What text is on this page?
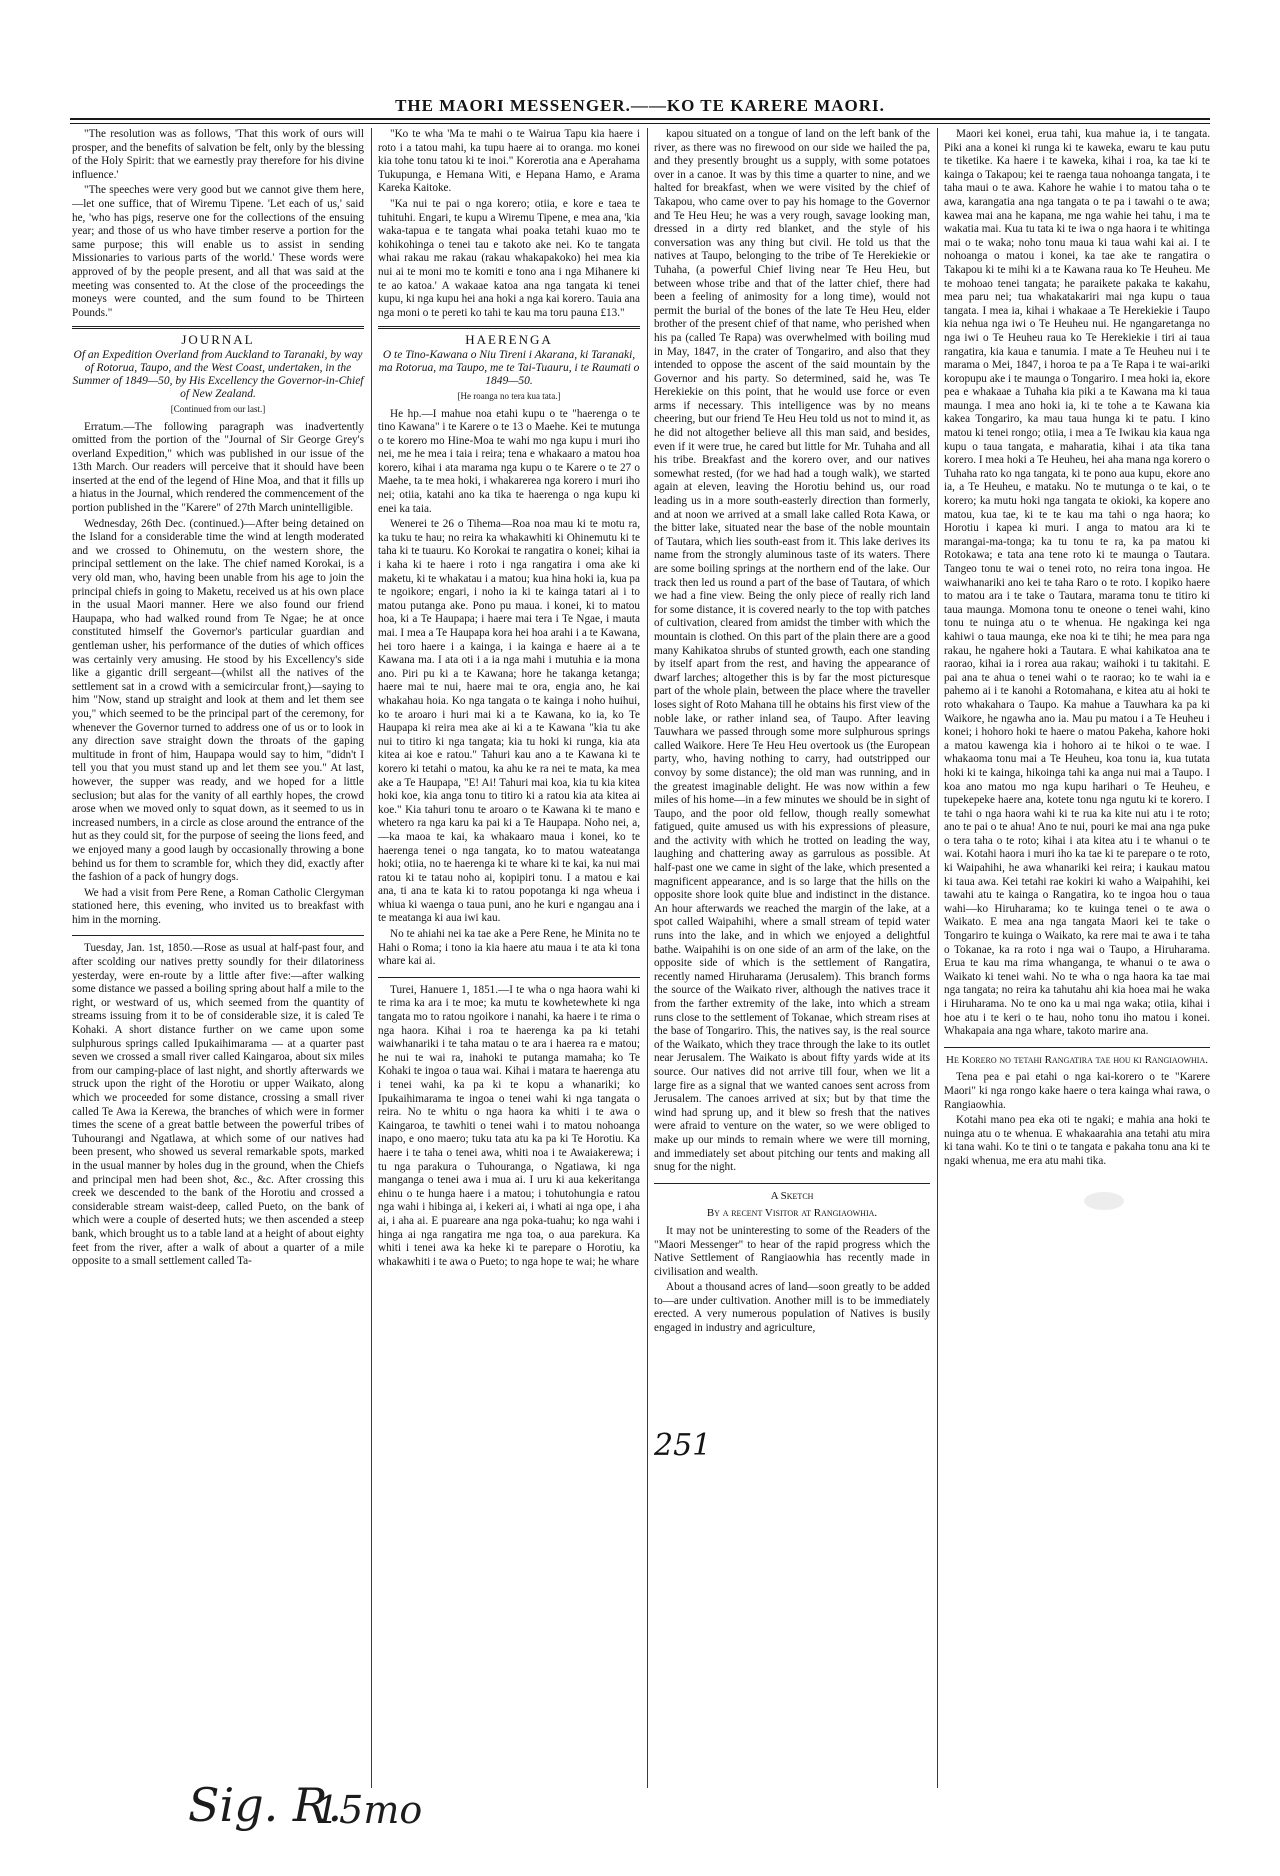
THE MAORI MESSENGER.——KO TE KARERE MAORI.

"The resolution was as follows, 'That this work of ours will prosper, and the benefits of salvation be felt, only by the blessing of the Holy Spirit: that we earnestly pray therefore for his divine influence.'

"The speeches were very good but we cannot give them here,—let one suffice, that of Wiremu Tipene. 'Let each of us,' said he, 'who has pigs, reserve one for the collections of the ensuing year; and those of us who have timber reserve a portion for the same purpose; this will enable us to assist in sending Missionaries to various parts of the world.' These words were approved of by the people present, and all that was said at the meeting was consented to. At the close of the proceedings the moneys were counted, and the sum found to be Thirteen Pounds."

JOURNAL
Of an Expedition Overland from Auckland to Taranaki, by way of Rotorua, Taupo, and the West Coast, undertaken, in the Summer of 1849—50, by His Excellency the Governor-in-Chief of New Zealand.
[Continued from our last.]

Erratum.—The following paragraph was inadvertently omitted from the portion of the "Journal of Sir George Grey's overland Expedition," which was published in our issue of the 13th March. Our readers will perceive that it should have been inserted at the end of the legend of Hine Moa, and that it fills up a hiatus in the Journal, which rendered the commencement of the portion published in the "Karere" of 27th March unintelligible.

Wednesday, 26th Dec. (continued.)—After being detained on the Island for a considerable time the wind at length moderated and we crossed to Ohinemutu, on the western shore, the principal settlement on the lake. The chief named Korokai, is a very old man, who, having been unable from his age to join the principal chiefs in going to Maketu, received us at his own place in the usual Maori manner. Here we also found our friend Haupapa, who had walked round from Te Ngae; he at once constituted himself the Governor's particular guardian and gentleman usher, his performance of the duties of which offices was certainly very amusing. He stood by his Excellency's side like a gigantic drill sergeant—(whilst all the natives of the settlement sat in a crowd with a semicircular front,)—saying to him "Now, stand up straight and look at them and let them see you," which seemed to be the principal part of the ceremony, for whenever the Governor turned to address one of us or to look in any direction save straight down the throats of the gaping multitude in front of him, Haupapa would say to him, "didn't I tell you that you must stand up and let them see you." At last, however, the supper was ready, and we hoped for a little seclusion; but alas for the vanity of all earthly hopes, the crowd arose when we moved only to squat down, as it seemed to us in increased numbers, in a circle as close around the entrance of the hut as they could sit, for the purpose of seeing the lions feed, and we enjoyed many a good laugh by occasionally throwing a bone behind us for them to scramble for, which they did, exactly after the fashion of a pack of hungry dogs.

We had a visit from Pere Rene, a Roman Catholic Clergyman stationed here, this evening, who invited us to breakfast with him in the morning.

Tuesday, Jan. 1st, 1850.—Rose as usual at half-past four, and after scolding our natives pretty soundly for their dilatoriness yesterday, were en-route by a little after five:—after walking some distance we passed a boiling spring about half a mile to the right, or westward of us, which seemed from the quantity of streams issuing from it to be of considerable size, it is caled Te Kohaki. A short distance further on we came upon some sulphurous springs called Ipukaihimarama — at a quarter past seven we crossed a small river called Kaingaroa, about six miles from our camping-place of last night, and shortly afterwards we struck upon the right of the Horotiu or upper Waikato, along which we proceeded for some distance, crossing a small river called Te Awa ia Kerewa, the branches of which were in former times the scene of a great battle between the powerful tribes of Tuhourangi and Ngatlawa, at which some of our natives had been present, who showed us several remarkable spots, marked in the usual manner by holes dug in the ground, when the Chiefs and principal men had been shot, &c., &c. After crossing this creek we descended to the bank of the Horotiu and crossed a considerable stream waist-deep, called Pueto, on the bank of which were a couple of deserted huts; we then ascended a steep bank, which brought us to a table land at a height of about eighty feet from the river, after a walk of about a quarter of a mile opposite to a small settlement called Ta-

"Ko te wha 'Ma te mahi o te Wairua Tapu kia haere i roto i a tatou mahi, ka tupu haere ai to oranga. mo konei kia tohe tonu tatou ki te inoi." Korerotia ana e Aperahama Tukupunga, e Hemana Witi, e Hepana Hamo, e Arama Kareka Kaitoke.

"Ka nui te pai o nga korero; otiia, e kore e taea te tuhituhi. Engari, te kupu a Wiremu Tipene, e mea ana, 'kia waka-tapua e te tangata whai poaka tetahi kuao mo te kohikohinga o tenei tau e takoto ake nei. Ko te tangata whai rakau me rakau (rakau whakapakoko) hei mea kia nui ai te moni mo te komiti e tono ana i nga Mihanere ki te ao katoa.' A wakaae katoa ana nga tangata ki tenei kupu, ki nga kupu hei ana hoki a nga kai korero. Tauia ana nga moni o te pereti ko tahi te kau ma toru pauna £13."

HAERENGA
O te Tino-Kawana o Niu Tireni i Akarana, ki Taranaki, ma Rotorua, ma Taupo, me te Tai-Tuauru, i te Raumati o 1849—50.
[He roanga no tera kua tata.]

He hp.—I mahue noa etahi kupu o te "haerenga o te tino Kawana" i te Karere o te 13 o Maehe. Kei te mutunga o te korero mo Hine-Moa te wahi mo nga kupu i muri iho nei, me he mea i taia i reira; tena e whakaaro a matou hoa korero, kihai i ata marama nga kupu o te Karere o te 27 o Maehe, ta te mea hoki, i whakarerea nga korero i muri iho nei; otiia, katahi ano ka tika te haerenga o nga kupu ki enei ka taia.

Wenerei te 26 o Tihema—Roa noa mau ki te motu ra, ka tuku te hau; no reira ka whakawhiti ki Ohinemutu ki te taha ki te tuauru. Ko Korokai te rangatira o konei; kihai ia i kaha ki te haere i roto i nga rangatira i oma ake ki maketu, ki te whakatau i a matou; kua hina hoki ia, kua pa te ngoikore; engari, i noho ia ki te kainga tatari ai i to matou putanga ake. Pono pu maua. i konei, ki to matou hoa, ki a Te Haupapa; i haere mai tera i Te Ngae, i mauta mai. I mea a Te Haupapa kora hei hoa arahi i a te Kawana, hei toro haere i a kainga, i ia kainga e haere ai a te Kawana ma. I ata oti i a ia nga mahi i mutuhia e ia mona ano. Piri pu ki a te Kawana; hore he takanga ketanga; haere mai te nui, haere mai te ora, engia ano, he kai whakahau hoia. Ko nga tangata o te kainga i noho huihui, ko te aroaro i huri mai ki a te Kawana, ko ia, ko Te Haupapa ki reira mea ake ai ki a te Kawana "kia tu ake nui to titiro ki nga tangata; kia tu hoki ki runga, kia ata kitea ai koe e ratou." Tahuri kau ano a te Kawana ki te korero ki tetahi o matou, ka ahu ke ra nei te mata, ka mea ake a Te Haupapa, "E! Ai! Tahuri mai koa, kia tu kia kitea hoki koe, kia anga tonu to titiro ki a ratou kia ata kitea ai koe." Kia tahuri tonu te aroaro o te Kawana ki te mano e whetero ra nga karu ka pai ki a Te Haupapa. Noho nei, a,—ka maoa te kai, ka whakaaro maua i konei, ko te haerenga tenei o nga tangata, ko to matou wateatanga hoki; otiia, no te haerenga ki te whare ki te kai, ka nui mai ratou ki te tatau noho ai, kopipiri tonu. I a matou e kai ana, ti ana te kata ki to ratou popotanga ki nga wheua i whiua ki waenga o taua puni, ano he kuri e ngangau ana i te meatanga ki aua iwi kau.

No te ahiahi nei ka tae ake a Pere Rene, he Minita no te Hahi o Roma; i tono ia kia haere atu maua i te ata ki tona whare kai ai.

Turei, Hanuere 1, 1851.—I te wha o nga haora wahi ki te rima ka ara i te moe; ka mutu te kowhetewhete ki nga tangata mo to ratou ngoikore i nanahi, ka haere i te rima o nga haora. Kihai i roa te haerenga ka pa ki tetahi waiwhanariki i te taha matau o te ara i haerea ra e matou; he nui te wai ra, inahoki te putanga mamaha; ko Te Kohaki te ingoa o taua wai. Kihai i matara te haerenga atu i tenei wahi, ka pa ki te kopu a whanariki; ko Ipukaihimarama te ingoa o tenei wahi ki nga tangata o reira. No te whitu o nga haora ka whiti i te awa o Kaingaroa, te tawhiti o tenei wahi i to matou nohoanga inapo, e ono maero; tuku tata atu ka pa ki Te Horotiu. Ka haere i te taha o tenei awa, whiti noa i te Awaiakerewa; i tu nga parakura o Tuhourangа, o Ngatiawa, ki nga manganga o tenei awa i mua ai. I uru ki aua kekeritanga ehinu o te hunga haere i a matou; i tohutohungia e ratou nga wahi i hibinga ai, i kekeri ai, i whati ai nga ope, i aha ai, i aha ai. E puareare ana nga poka-tuahu; ko nga wahi i hinga ai nga rangatira me nga toa, o aua parekura. Ka whiti i tenei awa ka heke ki te parepare o Horotiu, ka whakawhiti i te awa o Pueto; to nga hope te wai; he whare

kapou situated on a tongue of land on the left bank of the river, as there was no firewood on our side we hailed the pa, and they presently brought us a supply, with some potatoes over in a canoe. It was by this time a quarter to nine, and we halted for breakfast, when we were visited by the chief of Takapou, who came over to pay his homage to the Governor and Te Heu Heu; he was a very rough, savage looking man, dressed in a dirty red blanket, and the style of his conversation was any thing but civil. He told us that the natives at Taupo, belonging to the tribe of Te Herekiekie or Tuhaha, (a powerful Chief living near Te Heu Heu, but between whose tribe and that of the latter chief, there had been a feeling of animosity for a long time), would not permit the burial of the bones of the late Te Heu Heu, elder brother of the present chief of that name, who perished when his pa (called Te Rapa) was overwhelmed with boiling mud in May, 1847, in the crater of Tongariro, and also that they intended to oppose the ascent of the said mountain by the Governor and his party. So determined, said he, was Te Herekiekie on this point, that he would use force or even arms if necessary. This intelligence was by no means cheering, but our friend Te Heu Heu told us not to mind it, as he did not altogether believe all this man said, and besides, even if it were true, he cared but little for Mr. Tuhaha and all his tribe. Breakfast and the korero over, and our natives somewhat rested, (for we had had a tough walk), we started again at eleven, leaving the Horotiu behind us, our road leading us in a more south-easterly direction than formerly, and at noon we arrived at a small lake called Rota Kawa, or the bitter lake, situated near the base of the noble mountain of Tautara, which lies south-east from it. This lake derives its name from the strongly aluminous taste of its waters. There are some boiling springs at the northern end of the lake. Our track then led us round a part of the base of Tautara, of which we had a fine view. Being the only piece of really rich land for some distance, it is covered nearly to the top with patches of cultivation, cleared from amidst the timber with which the mountain is clothed. On this part of the plain there are a good many Kahikatoa shrubs of stunted growth, each one standing by itself apart from the rest, and having the appearance of dwarf larches; altogether this is by far the most picturesque part of the whole plain, between the place where the traveller loses sight of Roto Mahana till he obtains his first view of the noble lake, or rather inland sea, of Taupo. After leaving Tauwhara we passed through some more sulphurous springs called Waikore. Here Te Heu Heu overtook us (the European party, who, having nothing to carry, had outstripped our convoy by some distance); the old man was running, and in the greatest imaginable delight. He was now within a few miles of his home—in a few minutes we should be in sight of Taupo, and the poor old fellow, though really somewhat fatigued, quite amused us with his expressions of pleasure, and the activity with which he trotted on leading the way, laughing and chattering away as garrulous as possible. At half-past one we came in sight of the lake, which presented a magnificent appearance, and is so large that the hills on the opposite shore look quite blue and indistinct in the distance. An hour afterwards we reached the margin of the lake, at a spot called Waipahihi, where a small stream of tepid water runs into the lake, and in which we enjoyed a delightful bathe. Waipahihi is on one side of an arm of the lake, on the opposite side of which is the settlement of Rangatira, recently named Hiruharama (Jerusalem). This branch forms the source of the Waikato river, although the natives trace it from the farther extremity of the lake, into which a stream runs close to the settlement of Tokanae, which stream rises at the base of Tongariro. This, the natives say, is the real source of the Waikato, which they trace through the lake to its outlet near Jerusalem. The Waikato is about fifty yards wide at its source. Our natives did not arrive till four, when we lit a large fire as a signal that we wanted canoes sent across from Jerusalem. The canoes arrived at six; but by that time the wind had sprung up, and it blew so fresh that the natives were afraid to venture on the water, so we were obliged to make up our minds to remain where we were till morning, and immediately set about pitching our tents and making all snug for the night.

A Sketch
By a recent Visitor at Rangiaowhia.

It may not be uninteresting to some of the Readers of the "Maori Messenger" to hear of the rapid progress which the Native Settlement of Rangiaowhia has recently made in civilisation and wealth.

About a thousand acres of land—soon greatly to be added to—are under cultivation. Another mill is to be immediately erected. A very numerous population of Natives is busily engaged in industry and agriculture,

Maori kei konei, erua tahi, kua mahue ia, i te tangata. Piki ana a konei ki runga ki te kaweka, ewaru te kau putu te tiketike. Ka haere i te kaweka, kihai i roa, ka tae ki te kainga o Takapou; kei te raenga taua nohoanga tangata, i te taha maui o te awa. Kahore he wahie i to matou taha o te awa, karangatia ana nga tangata o te pa i tawahi o te awa; kawea mai ana he kapana, me nga wahie hei tahu, i ma te wakatia mai. Kua tu tata ki te iwa o nga haora i te whitinga mai o te waka; noho tonu maua ki taua wahi kai ai. I te nohoanga o matou i konei, ka tae ake te rangatira o Takapou ki te mihi ki a te Kawana raua ko Te Heuheu. Me te mohoao tenei tangata; he paraikete pakaka te kakahu, mea paru nei; tua whakatakariri mai nga kupu o taua tangata. I mea ia, kihai i whakaae a Te Herekiekie i Taupo kia nehua nga iwi o Te Heuheu nui. He ngangaretanga no nga iwi o Te Heuheu raua ko Te Herekiekie i tiri ai taua rangatira, kia kaua e tanumia. I mate a Te Heuheu nui i te marama o Mei, 1847, i horoa te pa a Te Rapa i te wai-ariki koropupu ake i te maunga o Tongariro. I mea hoki ia, ekore pea e whakaae a Tuhaha kia piki a te Kawana ma ki taua maunga. I mea ano hoki ia, ki te tohe a te Kawana kia kakea Tongariro, ka mau taua hunga ki te patu. I kino matou ki tenei rongo; otiia, i mea a Te Iwikau kia kaua nga kupu o taua tangata, e maharatia, kihai i ata tika tana korero. I mea hoki a Te Heuheu, hei aha mana nga korero o Tuhaha rato ko nga tangata, ki te pono aua kupu, ekore ano ia, a Te Heuheu, e mataku. No te mutunga o te kai, o te korero; ka mutu hoki nga tangata te okioki, ka kopere ano matou, kua tae, ki te te kau ma tahi o nga haora; ko Horotiu i kapea ki muri. I anga to matou ara ki te marangai-ma-tonga; ka tu tonu te ra, ka pa matou ki Rotokawa; e tata ana tene roto ki te maunga o Tautara. Tangeo tonu te wai o tenei roto, no reira tona ingoa. He waiwhanariki ano kei te taha Raro o te roto. I kopiko haere to matou ara i te take o Tautara, marama tonu te titiro ki taua maunga. Momona tonu te oneone o tenei wahi, kino tonu te nuinga atu o te whenua. He ngakinga kei nga kahiwi o taua maunga, eke noa ki te tihi; he mea para nga rakau, he ngahere hoki a Tautara. E whai kahikatoa ana te raorao, kihai ia i rorea aua rakau; waihoki i tu takitahi. E pai ana te ahua o tenei wahi o te raorao; ko te wahi ia e pahemo ai i te kanohi a Rotomahana, e kitea atu ai hoki te roto whakahara o Taupo. Ka mahue a Tauwhara ka pa ki Waikore, he ngawha ano ia. Mau pu matou i a Te Heuheu i konei; i hohoro hoki te haere o matou Pakeha, kahore hoki a matou kawenga kia i hohoro ai te hikoi o te wae. I whakaoma tonu mai a Te Heuheu, koa tonu ia, kua tutata hoki ki te kainga, hikoinga tahi ka anga nui mai a Taupo. I koa ano matou mo nga kupu harihari o Te Heuheu, e tupekepeke haere ana, kotete tonu nga ngutu ki te korero. I te tahi o nga haora wahi ki te rua ka kite nui atu i te roto; ano te pai o te ahua! Ano te nui, pouri ke mai ana nga puke o tera taha o te roto; kihai i ata kitea atu i te whanui o te wai. Kotahi haora i muri iho ka tae ki te parepare o te roto, ki Waipahihi, he awa whanariki kei reira; i kaukau matou ki taua awa. Kei tetahi rae kokiri ki waho a Waipahihi, kei tawahi atu te kainga o Rangatira, ko te ingoa hou o taua wahi—ko Hiruharama; ko te kuinga tenei o te awa o Waikato. E mea ana nga tangata Maori kei te take o Tongariro te kuinga o Waikato, ka rere mai te awa i te taha o Tokanae, ka ra roto i nga wai o Taupo, a Hiruharama. Erua te kau ma rima whanganga, te whanui o te awa o Waikato ki tenei wahi. No te wha o nga haora ka tae mai nga tangata; no reira ka tahutahu ahi kia hoea mai he waka i Hiruharama. No te ono ka u mai nga waka; otiia, kihai i hoe atu i te keri o te hau, noho tonu iho matou i konei. Whakapaia ana nga whare, takoto marire ana.

He Korero no tetahi Rangatira tae hou ki Rangiaowhia.

Tena pea e pai etahi o nga kai-korero o te "Karere Maori" ki nga rongo kake haere o tera kainga whai rawa, o Rangiaowhia.

Kotahi mano pea eka oti te ngaki; e mahia ana hoki te nuinga atu o te whenua. E whakaarahia ana tetahi atu mira ki tana wahi. Ko te tini o te tangata e pakaha tonu ana ki te ngaki whenua, me era atu mahi tika.

251
Sig. R.
15mo
